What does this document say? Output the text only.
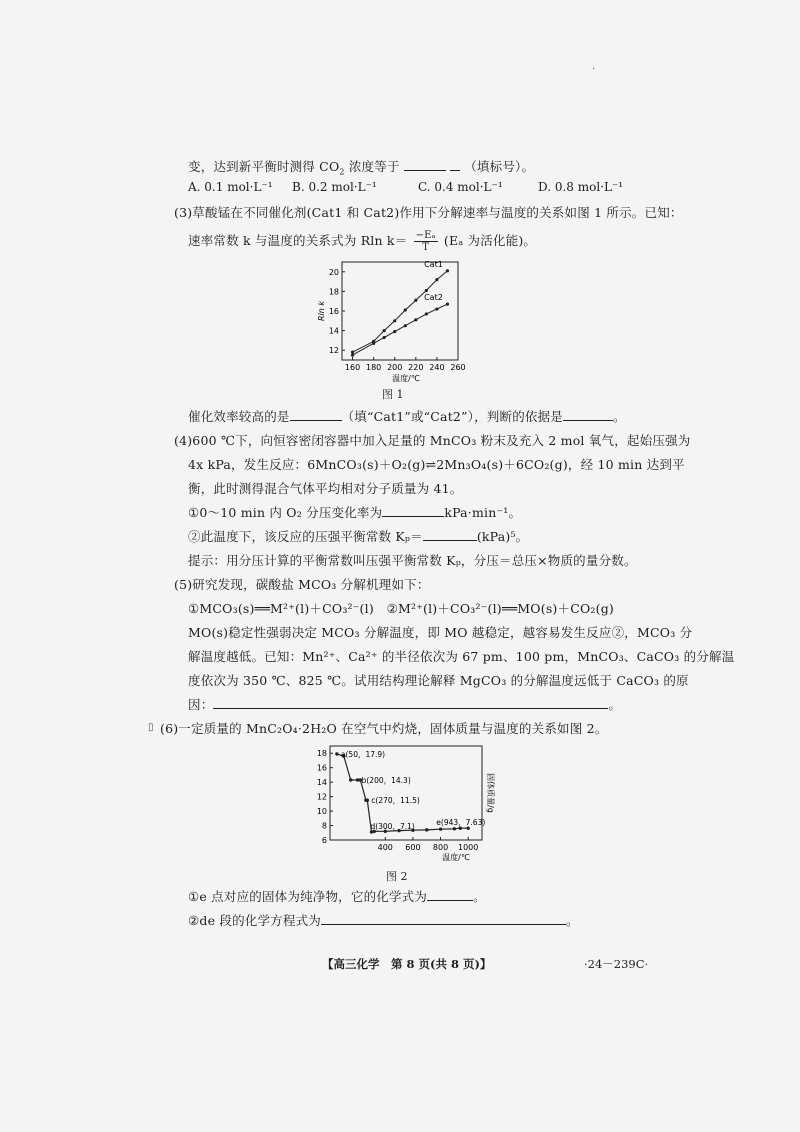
·
变，达到新平衡时测得 $CO_2$ 浓度等于	（填标号）。
A. 0.1 mol·L⁻¹ B. 0.2 mol·L⁻¹	C. 0.4 mol·L⁻¹	D. 0.8 mol·L⁻¹
(3)草酸锰在不同催化剂(Cat1 和 Cat2)作用下分解速率与温度的关系如图 1 所示。已知：
速率常数 k 与温度的关系式为 Rln $k= \frac{\text{−Eₐ}}{T} (E_a$ 为活化能)。
160 180 200 220 240 260
12
14
16
18
20
Rln k
温度/℃
Cat1
Cat2
图 1
催化效率较高的是	（填“Cat1”或“Cat2”），判断的依据是	。
(4)600 ℃下，向恒容密闭容器中加入足量的 MnCO₃ 粉末及充入 2 mol 氧气，起始压强为
4x kPa，发生反应：6MnCO₃(s)＋O₂(g)⇌2Mn₃O₄(s)＋6CO₂(g)，经 10 min 达到平
衡，此时测得混合气体平均相对分子质量为 41。
①0～10 min 内 O₂ 分压变化率为	kPa·min⁻¹。
②此温度下，该反应的压强平衡常数 Kₚ＝	(kPa)⁵。
提示：用分压计算的平衡常数叫压强平衡常数 Kₚ，分压＝总压×物质的量分数。
(5)研究发现，碳酸盐 MCO₃ 分解机理如下：
①MCO₃(s)══M²⁺(l)＋CO₃²⁻(l)　②M²⁺(l)＋CO₃²⁻(l)══MO(s)＋CO₂(g)
MO(s)稳定性强弱决定 MCO₃ 分解温度，即 MO 越稳定，越容易发生反应②，MCO₃ 分
解温度越低。已知：Mn²⁺、Ca²⁺ 的半径依次为 67 pm、100 pm，MnCO₃、CaCO₃ 的分解温
度依次为 350 ℃、825 ℃。试用结构理论解释 MgCO₃ 的分解温度远低于 CaCO₃ 的原
因：	。
▯ (6)一定质量的 MnC₂O₄·2H₂O 在空气中灼烧，固体质量与温度的关系如图 2。
400 600 800 1000
6
8
10
12
14
16
18
固体质量/g
温度/℃
a(50，17.9)
b(200，14.3)
c(270，11.5)
d(300，7.1)	e(943，7.63)
图 2
①e 点对应的固体为纯净物，它的化学式为	。
②de 段的化学方程式为	。
【高三化学　第 8 页(共 8 页)】	·24－239C·
